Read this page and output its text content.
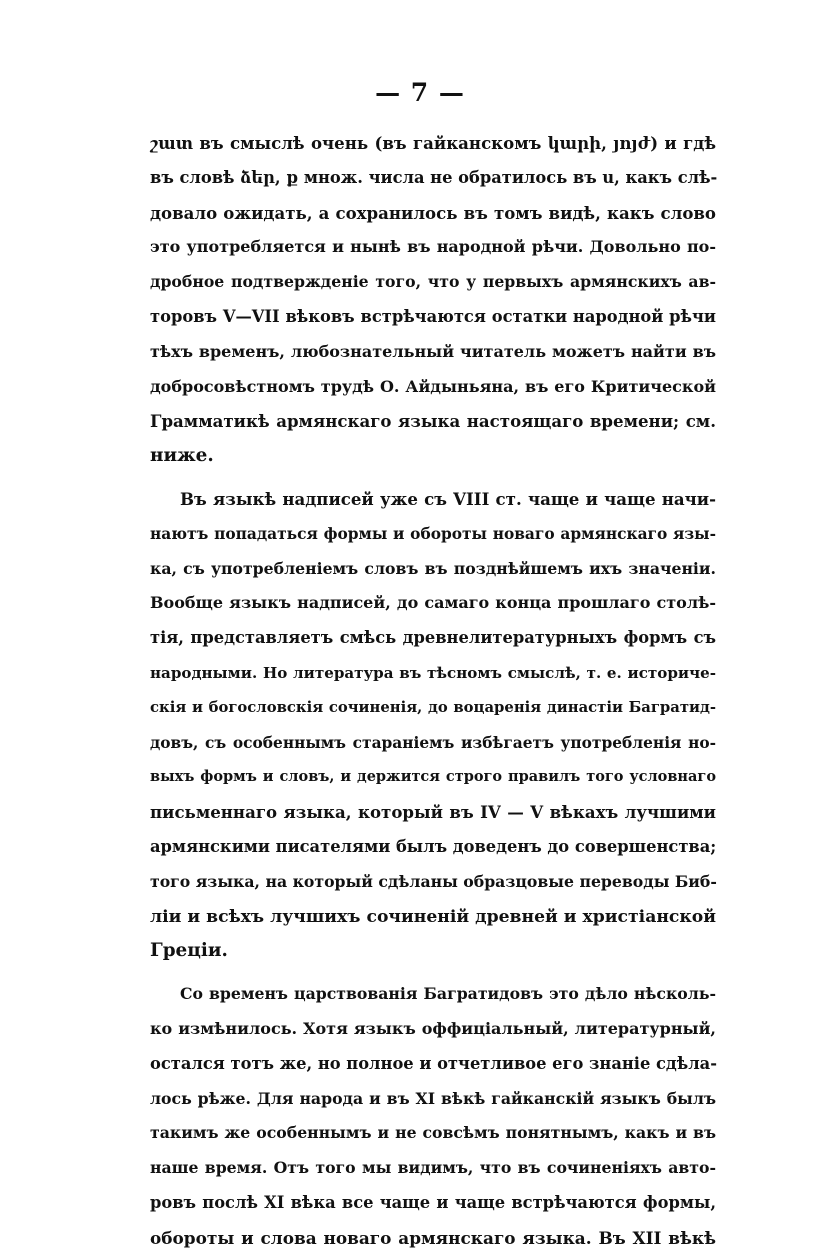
— 7 —
շատ въ смыслѣ очень (въ гайканскомъ կարի, յոյժ) и гдѣ
въ словѣ ձեր, ք множ. числа не обратилось въ ս, какъ слѣ-
довало ожидать, а сохранилось въ томъ видѣ, какъ слово
это употребляется и нынѣ въ народной рѣчи. Довольно по-
дробное подтвержденіе того, что у первыхъ армянскихъ ав-
торовъ V—VII вѣковъ встрѣчаются остатки народной рѣчи
тѣхъ временъ, любознательный читатель можетъ найти въ
добросовѣстномъ трудѣ О. Айдыньяна, въ его Критической
Грамматикѣ армянскаго языка настоящаго времени; см.
ниже.
Въ языкѣ надписей уже съ VIII ст. чаще и чаще начи-
наютъ попадаться формы и обороты новаго армянскаго язы-
ка, съ употребленіемъ словъ въ позднѣйшемъ ихъ значеніи.
Вообще языкъ надписей, до самаго конца прошлаго столѣ-
тія, представляетъ смѣсь древнелитературныхъ формъ съ
народными. Но литература въ тѣсномъ смыслѣ, т. е. историче-
скія и богословскія сочиненія, до воцаренія династіи Багратид-
довъ, съ особеннымъ стараніемъ избѣгаетъ употребленія но-
выхъ формъ и словъ, и держится строго правилъ того условнаго
письменнаго языка, который въ IV — V вѣкахъ лучшими
армянскими писателями былъ доведенъ до совершенства;
того языка, на который сдѣланы образцовые переводы Биб-
ліи и всѣхъ лучшихъ сочиненій древней и христіанской
Греціи.
Со временъ царствованія Багратидовъ это дѣло нѣсколь-
ко измѣнилось. Хотя языкъ оффиціальный, литературный,
остался тотъ же, но полное и отчетливое его знаніе сдѣла-
лось рѣже. Для народа и въ XI вѣкѣ гайканскій языкъ былъ
такимъ же особеннымъ и не совсѣмъ понятнымъ, какъ и въ
наше время. Отъ того мы видимъ, что въ сочиненіяхъ авто-
ровъ послѣ XI вѣка все чаще и чаще встрѣчаются формы,
обороты и слова новаго армянскаго языка. Въ XII вѣкѣ
